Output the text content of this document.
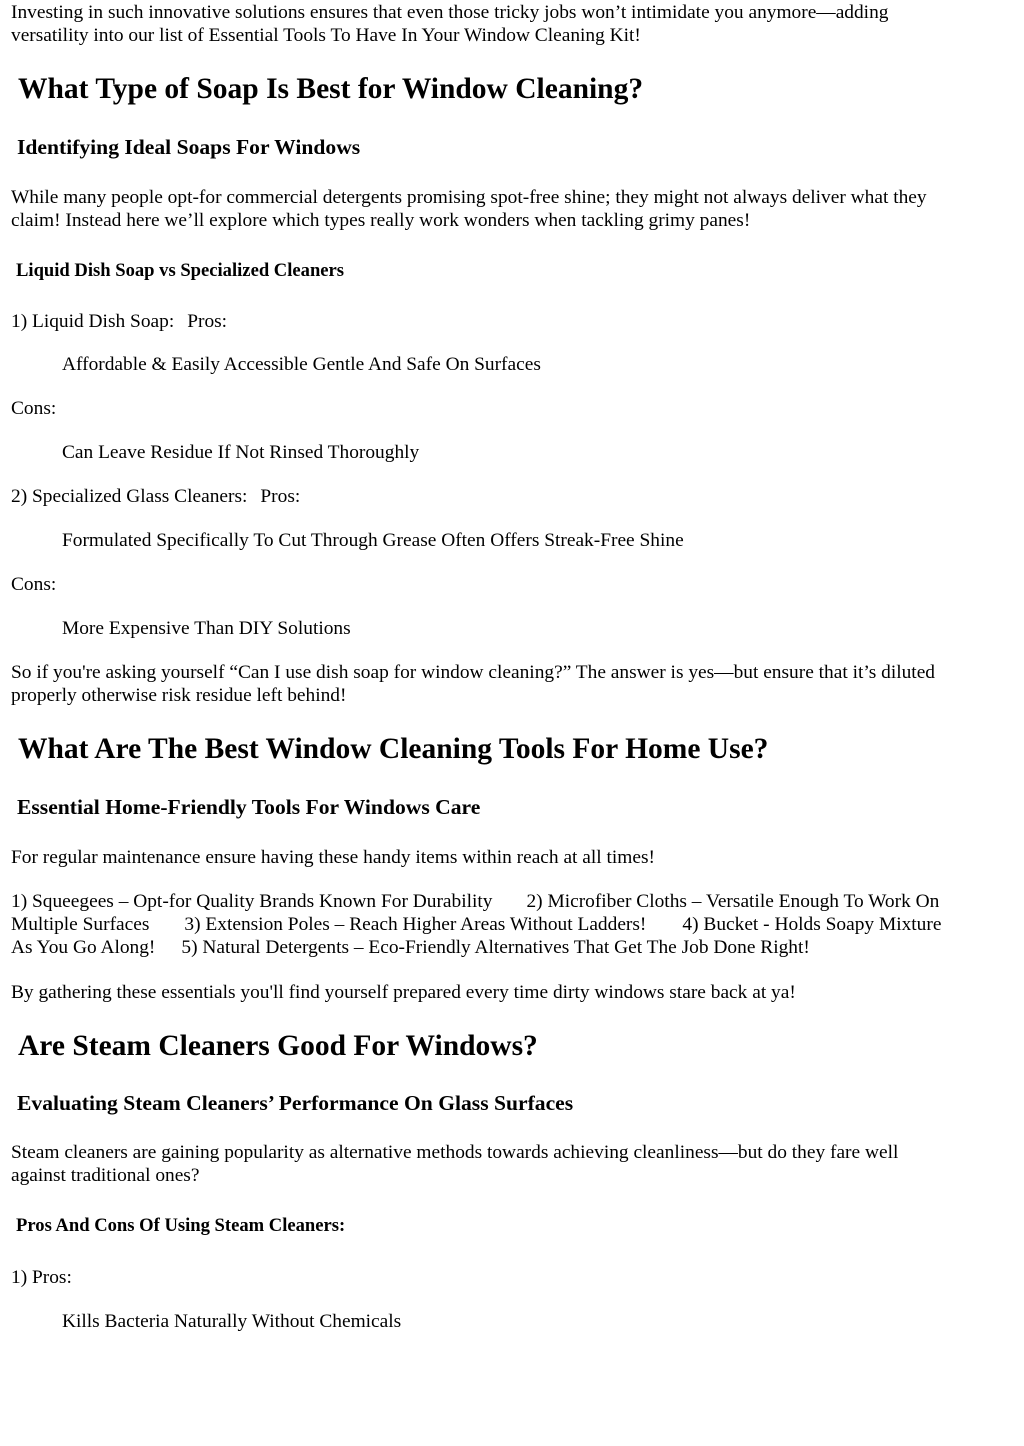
Investing in such innovative solutions ensures that even those tricky jobs won’t intimidate you anymore—adding

versatility into our list of Essential Tools To Have In Your Window Cleaning Kit!

What Type of Soap Is Best for Window Cleaning?
Identifying Ideal Soaps For Windows

While many people opt-for commercial detergents promising spot-free shine; they might not always deliver what they

claim! Instead here we’ll explore which types really work wonders when tackling grimy panes!

Liquid Dish Soap vs Specialized Cleaners

1) Liquid Dish Soap: Pros:

Affordable & Easily Accessible Gentle And Safe On Surfaces

Cons:

Can Leave Residue If Not Rinsed Thoroughly

2) Specialized Glass Cleaners: Pros:

Formulated Specifically To Cut Through Grease Often Offers Streak-Free Shine

Cons:

More Expensive Than DIY Solutions

So if you're asking yourself “Can I use dish soap for window cleaning?” The answer is yes—but ensure that it’s diluted

properly otherwise risk residue left behind!

What Are The Best Window Cleaning Tools For Home Use?
Essential Home-Friendly Tools For Windows Care

For regular maintenance ensure having these handy items within reach at all times!

1) Squeegees – Opt-for Quality Brands Known For Durability 2) Microfiber Cloths – Versatile Enough To Work On

Multiple Surfaces 3) Extension Poles – Reach Higher Areas Without Ladders! 4) Bucket - Holds Soapy Mixture

As You Go Along! 5) Natural Detergents – Eco-Friendly Alternatives That Get The Job Done Right!

By gathering these essentials you'll find yourself prepared every time dirty windows stare back at ya!

Are Steam Cleaners Good For Windows?
Evaluating Steam Cleaners’ Performance On Glass Surfaces

Steam cleaners are gaining popularity as alternative methods towards achieving cleanliness—but do they fare well

against traditional ones?

Pros And Cons Of Using Steam Cleaners:

1) Pros:

Kills Bacteria Naturally Without Chemicals
